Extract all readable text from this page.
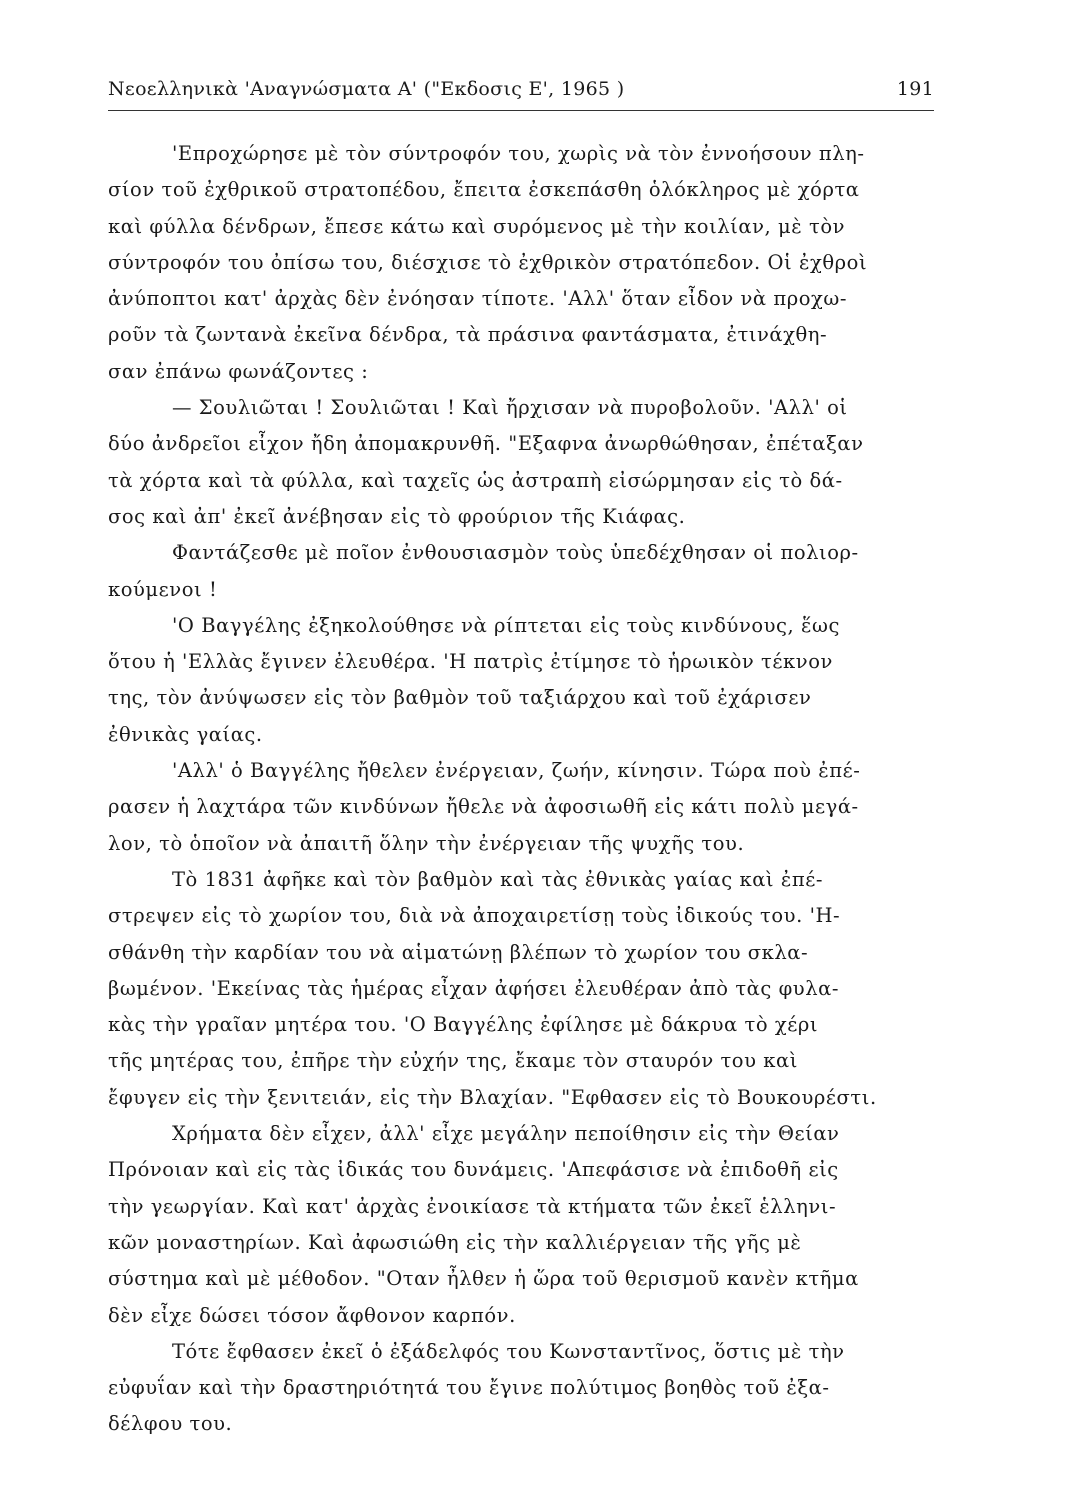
Νεοελληνικὰ 'Αναγνώσματα Α' ("Εκδοσις Ε', 1965 )	191
'Επροχώρησε μὲ τὸν σύντροφόν του, χωρὶς νὰ τὸν ἐννοήσουν πλη-
σίον τοῦ ἐχθρικοῦ στρατοπέδου, ἔπειτα ἐσκεπάσθη ὁλόκληρος μὲ χόρτα
καὶ φύλλα δένδρων, ἔπεσε κάτω καὶ συρόμενος μὲ τὴν κοιλίαν, μὲ τὸν
σύντροφόν του ὀπίσω του, διέσχισε τὸ ἐχθρικὸν στρατόπεδον. Οἱ ἐχθροὶ
ἀνύποπτοι κατ' ἀρχὰς δὲν ἐνόησαν τίποτε. 'Αλλ' ὅταν εἶδον νὰ προχω-
ροῦν τὰ ζωντανὰ ἐκεῖνα δένδρα, τὰ πράσινα φαντάσματα, ἐτινάχθη-
σαν ἐπάνω φωνάζοντες :
— Σουλιῶται ! Σουλιῶται ! Καὶ ἤρχισαν νὰ πυροβολοῦν. 'Αλλ' οἱ
δύο ἀνδρεῖοι εἶχον ἤδη ἀπομακρυνθῆ. "Εξαφνα ἀνωρθώθησαν, ἐπέταξαν
τὰ χόρτα καὶ τὰ φύλλα, καὶ ταχεῖς ὡς ἀστραπὴ εἰσώρμησαν εἰς τὸ δά-
σος καὶ ἀπ' ἐκεῖ ἀνέβησαν εἰς τὸ φρούριον τῆς Κιάφας.
Φαντάζεσθε μὲ ποῖον ἐνθουσιασμὸν τοὺς ὑπεδέχθησαν οἱ πολιορ-
κούμενοι !
'Ο Βαγγέλης ἐξηκολούθησε νὰ ρίπτεται εἰς τοὺς κινδύνους, ἕως
ὅτου ἡ 'Ελλὰς ἔγινεν ἐλευθέρα. 'Η πατρὶς ἐτίμησε τὸ ἡρωικὸν τέκνον
της, τὸν ἀνύψωσεν εἰς τὸν βαθμὸν τοῦ ταξιάρχου καὶ τοῦ ἐχάρισεν
ἐθνικὰς γαίας.
'Αλλ' ὁ Βαγγέλης ἤθελεν ἐνέργειαν, ζωήν, κίνησιν. Τώρα ποὺ ἐπέ-
ρασεν ἡ λαχτάρα τῶν κινδύνων ἤθελε νὰ ἀφοσιωθῆ εἰς κάτι πολὺ μεγά-
λον, τὸ ὁποῖον νὰ ἀπαιτῆ ὅλην τὴν ἐνέργειαν τῆς ψυχῆς του.
Τὸ 1831 ἀφῆκε καὶ τὸν βαθμὸν καὶ τὰς ἐθνικὰς γαίας καὶ ἐπέ-
στρεψεν εἰς τὸ χωρίον του, διὰ νὰ ἀποχαιρετίσῃ τοὺς ἰδικούς του. 'Η-
σθάνθη τὴν καρδίαν του νὰ αἱματώνῃ βλέπων τὸ χωρίον του σκλα-
βωμένον. 'Εκείνας τὰς ἡμέρας εἶχαν ἀφήσει ἐλευθέραν ἀπὸ τὰς φυλα-
κὰς τὴν γραῖαν μητέρα του. 'Ο Βαγγέλης ἐφίλησε μὲ δάκρυα τὸ χέρι
τῆς μητέρας του, ἐπῆρε τὴν εὐχήν της, ἔκαμε τὸν σταυρόν του καὶ
ἔφυγεν εἰς τὴν ξενιτειάν, εἰς τὴν Βλαχίαν. "Εφθασεν εἰς τὸ Βουκουρέστι.
Χρήματα δὲν εἶχεν, ἀλλ' εἶχε μεγάλην πεποίθησιν εἰς τὴν Θείαν
Πρόνοιαν καὶ εἰς τὰς ἰδικάς του δυνάμεις. 'Απεφάσισε νὰ ἐπιδοθῆ εἰς
τὴν γεωργίαν. Καὶ κατ' ἀρχὰς ἐνοικίασε τὰ κτήματα τῶν ἐκεῖ ἑλληνι-
κῶν μοναστηρίων. Καὶ ἀφωσιώθη εἰς τὴν καλλιέργειαν τῆς γῆς μὲ
σύστημα καὶ μὲ μέθοδον. "Οταν ἦλθεν ἡ ὥρα τοῦ θερισμοῦ κανὲν κτῆμα
δὲν εἶχε δώσει τόσον ἄφθονον καρπόν.
Τότε ἔφθασεν ἐκεῖ ὁ ἐξάδελφός του Κωνσταντῖνος, ὅστις μὲ τὴν
εὐφυΐαν καὶ τὴν δραστηριότητά του ἔγινε πολύτιμος βοηθὸς τοῦ ἐξα-
δέλφου του.
